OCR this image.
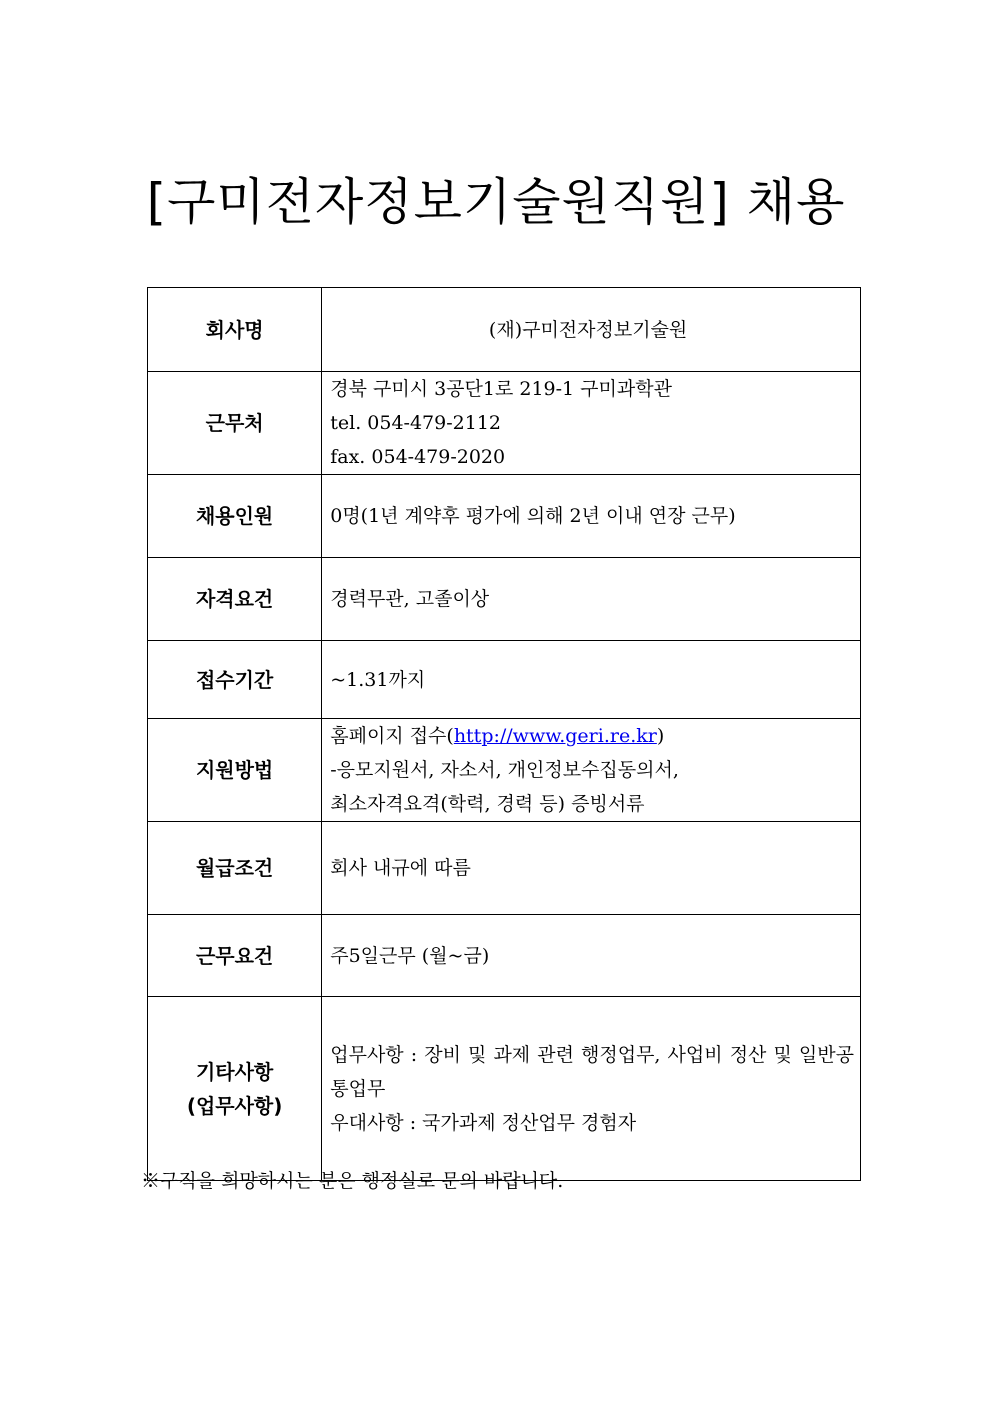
[구미전자정보기술원직원] 채용
회사명	(재)구미전자정보기술원
근무처	경북 구미시 3공단1로 219-1 구미과학관
tel. 054-479-2112
fax. 054-479-2020

채용인원	0명(1년 계약후 평가에 의해 2년 이내 연장 근무)
자격요건	경력무관, 고졸이상
접수기간	~1.31까지
지원방법	홈페이지 접수(http://www.geri.re.kr)
-응모지원서, 자소서, 개인정보수집동의서,
최소자격요격(학력, 경력 등) 증빙서류

월급조건	회사 내규에 따름
근무요건	주5일근무 (월~금)

기타사항
(업무사항)	업무사항 : 장비 및 과제 관련 행정업무, 사업비 정산 및 일반공통업무
우대사항 : 국가과제 정산업무 경험자
※구직을 희망하시는 분은 행정실로 문의 바랍니다.
